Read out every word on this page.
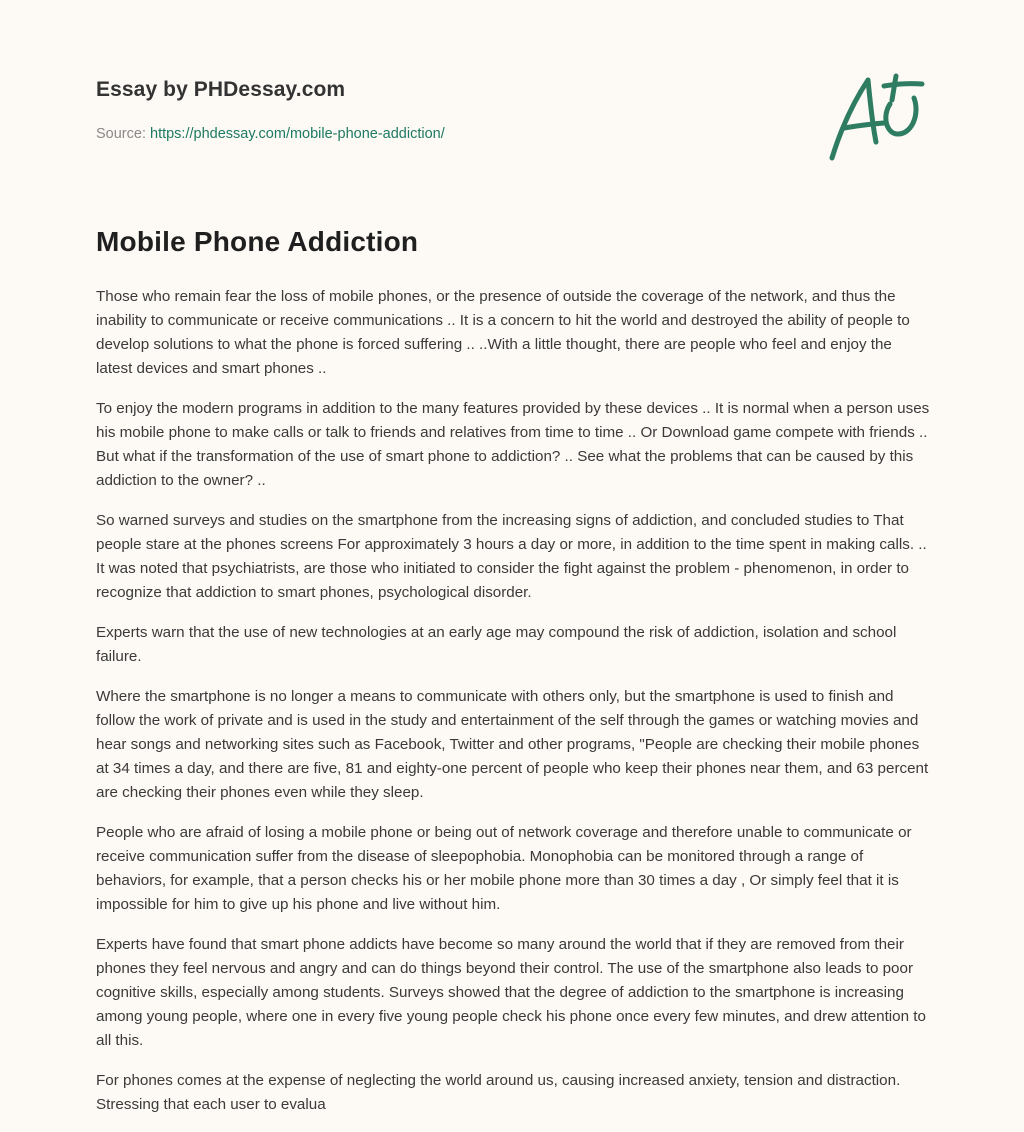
Essay by PHDessay.com
Source: https://phdessay.com/mobile-phone-addiction/
Mobile Phone Addiction

Those who remain fear the loss of mobile phones, or the presence of outside the coverage of the network, and thus the inability to communicate or receive communications .. It is a concern to hit the world and destroyed the ability of people to develop solutions to what the phone is forced suffering .. ..With a little thought, there are people who feel and enjoy the latest devices and smart phones ..

To enjoy the modern programs in addition to the many features provided by these devices .. It is normal when a person uses his mobile phone to make calls or talk to friends and relatives from time to time .. Or Download game compete with friends .. But what if the transformation of the use of smart phone to addiction? .. See what the problems that can be caused by this addiction to the owner? ..

So warned surveys and studies on the smartphone from the increasing signs of addiction, and concluded studies to That people stare at the phones screens For approximately 3 hours a day or more, in addition to the time spent in making calls. .. It was noted that psychiatrists, are those who initiated to consider the fight against the problem - phenomenon, in order to recognize that addiction to smart phones, psychological disorder.

Experts warn that the use of new technologies at an early age may compound the risk of addiction, isolation and school failure.

Where the smartphone is no longer a means to communicate with others only, but the smartphone is used to finish and follow the work of private and is used in the study and entertainment of the self through the games or watching movies and hear songs and networking sites such as Facebook, Twitter and other programs, "People are checking their mobile phones at 34 times a day, and there are five, 81 and eighty-one percent of people who keep their phones near them, and 63 percent are checking their phones even while they sleep.

People who are afraid of losing a mobile phone or being out of network coverage and therefore unable to communicate or receive communication suffer from the disease of sleepophobia. Monophobia can be monitored through a range of behaviors, for example, that a person checks his or her mobile phone more than 30 times a day , Or simply feel that it is impossible for him to give up his phone and live without him.

Experts have found that smart phone addicts have become so many around the world that if they are removed from their phones they feel nervous and angry and can do things beyond their control. The use of the smartphone also leads to poor cognitive skills, especially among students. Surveys showed that the degree of addiction to the smartphone is increasing among young people, where one in every five young people check his phone once every few minutes, and drew attention to all this.

For phones comes at the expense of neglecting the world around us, causing increased anxiety, tension and distraction. Stressing that each user to evalua
